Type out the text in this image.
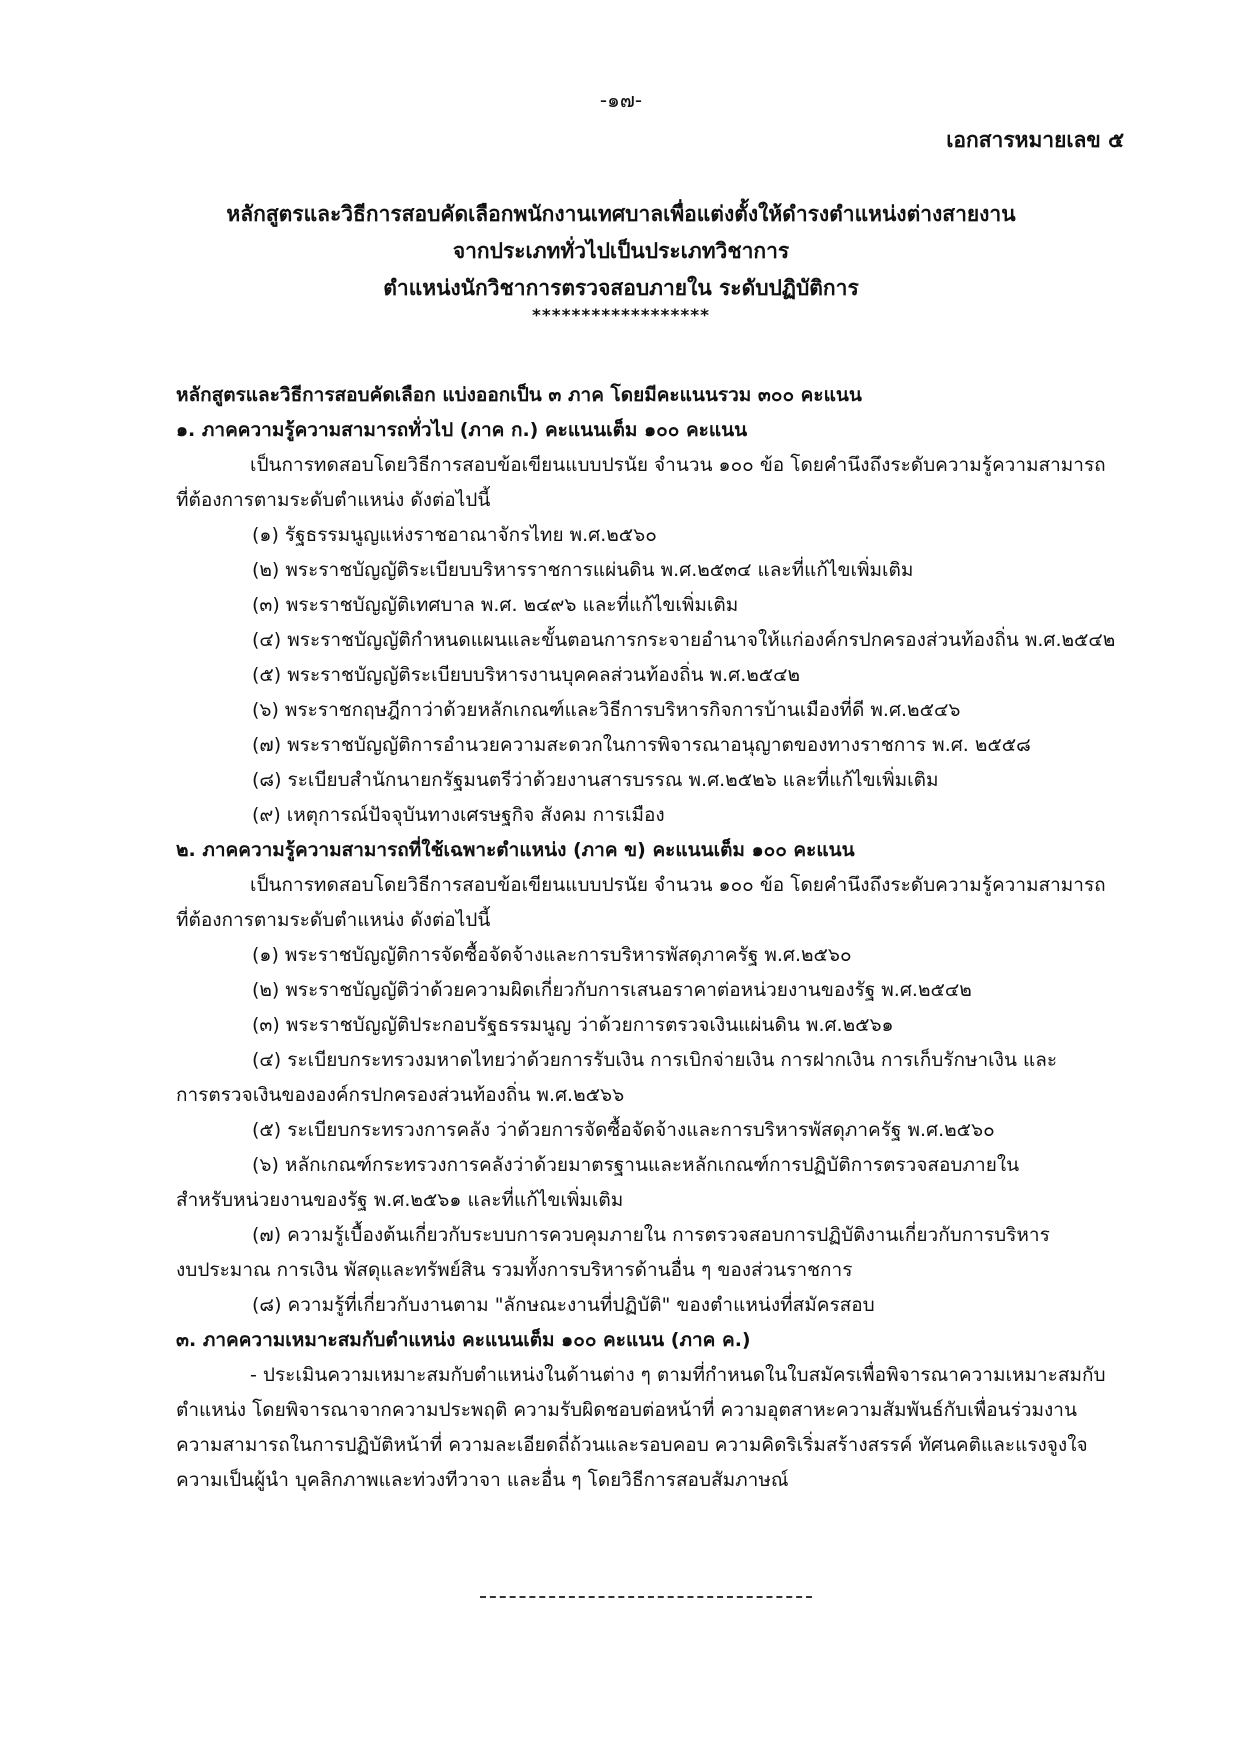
-๑๗-
เอกสารหมายเลข ๕
หลักสูตรและวิธีการสอบคัดเลือกพนักงานเทศบาลเพื่อแต่งตั้งให้ดำรงตำแหน่งต่างสายงาน
จากประเภททั่วไปเป็นประเภทวิชาการ
ตำแหน่งนักวิชาการตรวจสอบภายใน ระดับปฏิบัติการ
******************
หลักสูตรและวิธีการสอบคัดเลือก แบ่งออกเป็น ๓ ภาค โดยมีคะแนนรวม ๓๐๐ คะแนน
๑. ภาคความรู้ความสามารถทั่วไป (ภาค ก.) คะแนนเต็ม ๑๐๐ คะแนน
เป็นการทดสอบโดยวิธีการสอบข้อเขียนแบบปรนัย จำนวน ๑๐๐ ข้อ โดยคำนึงถึงระดับความรู้ความสามารถ
ที่ต้องการตามระดับตำแหน่ง ดังต่อไปนี้
(๑) รัฐธรรมนูญแห่งราชอาณาจักรไทย พ.ศ.๒๕๖๐
(๒) พระราชบัญญัติระเบียบบริหารราชการแผ่นดิน พ.ศ.๒๕๓๔ และที่แก้ไขเพิ่มเติม
(๓) พระราชบัญญัติเทศบาล พ.ศ. ๒๔๙๖ และที่แก้ไขเพิ่มเติม
(๔) พระราชบัญญัติกำหนดแผนและขั้นตอนการกระจายอำนาจให้แก่องค์กรปกครองส่วนท้องถิ่น พ.ศ.๒๕๔๒
(๕) พระราชบัญญัติระเบียบบริหารงานบุคคลส่วนท้องถิ่น พ.ศ.๒๕๔๒
(๖) พระราชกฤษฎีกาว่าด้วยหลักเกณฑ์และวิธีการบริหารกิจการบ้านเมืองที่ดี พ.ศ.๒๕๔๖
(๗) พระราชบัญญัติการอำนวยความสะดวกในการพิจารณาอนุญาตของทางราชการ พ.ศ. ๒๕๕๘
(๘) ระเบียบสำนักนายกรัฐมนตรีว่าด้วยงานสารบรรณ พ.ศ.๒๕๒๖ และที่แก้ไขเพิ่มเติม
(๙) เหตุการณ์ปัจจุบันทางเศรษฐกิจ สังคม การเมือง
๒. ภาคความรู้ความสามารถที่ใช้เฉพาะตำแหน่ง (ภาค ข) คะแนนเต็ม ๑๐๐ คะแนน
เป็นการทดสอบโดยวิธีการสอบข้อเขียนแบบปรนัย จำนวน ๑๐๐ ข้อ โดยคำนึงถึงระดับความรู้ความสามารถ
ที่ต้องการตามระดับตำแหน่ง ดังต่อไปนี้
(๑) พระราชบัญญัติการจัดซื้อจัดจ้างและการบริหารพัสดุภาครัฐ พ.ศ.๒๕๖๐
(๒) พระราชบัญญัติว่าด้วยความผิดเกี่ยวกับการเสนอราคาต่อหน่วยงานของรัฐ พ.ศ.๒๕๔๒
(๓) พระราชบัญญัติประกอบรัฐธรรมนูญ ว่าด้วยการตรวจเงินแผ่นดิน พ.ศ.๒๕๖๑
(๔) ระเบียบกระทรวงมหาดไทยว่าด้วยการรับเงิน การเบิกจ่ายเงิน การฝากเงิน การเก็บรักษาเงิน และ
การตรวจเงินขององค์กรปกครองส่วนท้องถิ่น พ.ศ.๒๕๖๖
(๕) ระเบียบกระทรวงการคลัง ว่าด้วยการจัดซื้อจัดจ้างและการบริหารพัสดุภาครัฐ พ.ศ.๒๕๖๐
(๖) หลักเกณฑ์กระทรวงการคลังว่าด้วยมาตรฐานและหลักเกณฑ์การปฏิบัติการตรวจสอบภายใน
สำหรับหน่วยงานของรัฐ พ.ศ.๒๕๖๑ และที่แก้ไขเพิ่มเติม
(๗) ความรู้เบื้องต้นเกี่ยวกับระบบการควบคุมภายใน การตรวจสอบการปฏิบัติงานเกี่ยวกับการบริหาร
งบประมาณ การเงิน พัสดุและทรัพย์สิน รวมทั้งการบริหารด้านอื่น ๆ ของส่วนราชการ
(๘) ความรู้ที่เกี่ยวกับงานตาม "ลักษณะงานที่ปฏิบัติ" ของตำแหน่งที่สมัครสอบ
๓. ภาคความเหมาะสมกับตำแหน่ง คะแนนเต็ม ๑๐๐ คะแนน (ภาค ค.)
- ประเมินความเหมาะสมกับตำแหน่งในด้านต่าง ๆ ตามที่กำหนดในใบสมัครเพื่อพิจารณาความเหมาะสมกับ
ตำแหน่ง โดยพิจารณาจากความประพฤติ ความรับผิดชอบต่อหน้าที่ ความอุตสาหะความสัมพันธ์กับเพื่อนร่วมงาน
ความสามารถในการปฏิบัติหน้าที่ ความละเอียดถี่ถ้วนและรอบคอบ ความคิดริเริ่มสร้างสรรค์ ทัศนคติและแรงจูงใจ
ความเป็นผู้นำ บุคลิกภาพและท่วงทีวาจา และอื่น ๆ โดยวิธีการสอบสัมภาษณ์
